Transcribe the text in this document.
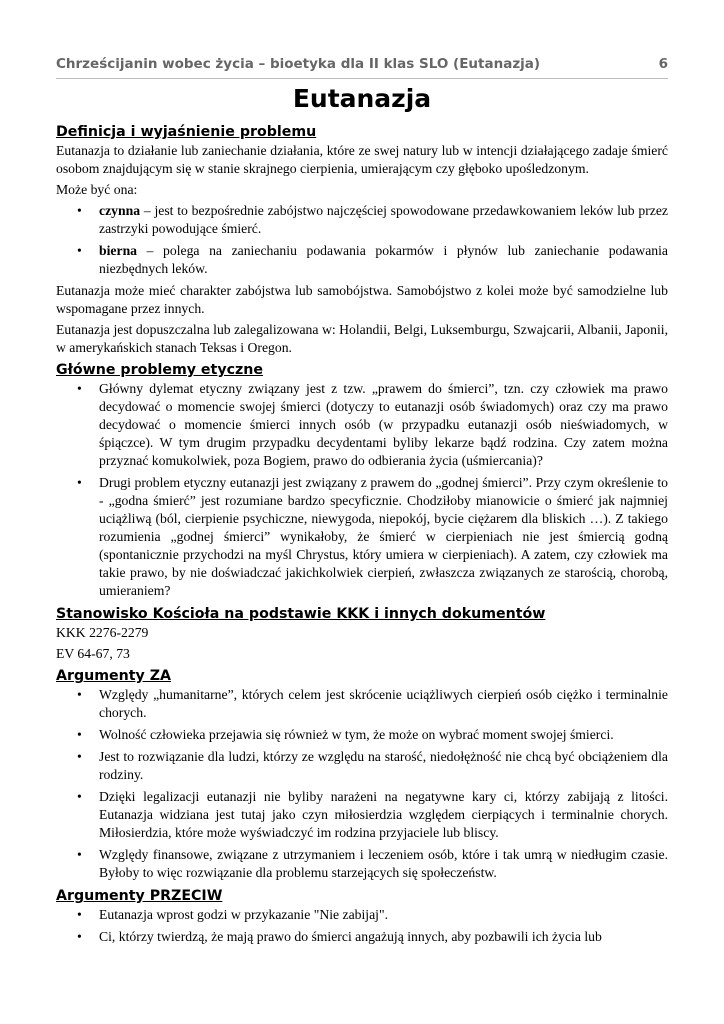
Chrześcijanin wobec życia – bioetyka dla II klas SLO (Eutanazja)	6
Eutanazja
Definicja i wyjaśnienie problemu

Eutanazja to działanie lub zaniechanie działania, które ze swej natury lub w intencji działającego zadaje śmierć osobom znajdującym się w stanie skrajnego cierpienia, umierającym czy głęboko upośledzonym.

Może być ona:

• czynna – jest to bezpośrednie zabójstwo najczęściej spowodowane przedawkowaniem leków lub przez zastrzyki powodujące śmierć.
• bierna – polega na zaniechaniu podawania pokarmów i płynów lub zaniechanie podawania niezbędnych leków.

Eutanazja może mieć charakter zabójstwa lub samobójstwa. Samobójstwo z kolei może być samodzielne lub wspomagane przez innych.

Eutanazja jest dopuszczalna lub zalegalizowana w: Holandii, Belgi, Luksemburgu, Szwajcarii, Albanii, Japonii, w amerykańskich stanach Teksas i Oregon.

Główne problemy etyczne
• Główny dylemat etyczny związany jest z tzw. „prawem do śmierci”, tzn. czy człowiek ma prawo decydować o momencie swojej śmierci (dotyczy to eutanazji osób świadomych) oraz czy ma prawo decydować o momencie śmierci innych osób (w przypadku eutanazji osób nieświadomych, w śpiączce). W tym drugim przypadku decydentami byliby lekarze bądź rodzina. Czy zatem można przyznać komukolwiek, poza Bogiem, prawo do odbierania życia (uśmiercania)?
• Drugi problem etyczny eutanazji jest związany z prawem do „godnej śmierci”. Przy czym określenie to - „godna śmierć” jest rozumiane bardzo specyficznie. Chodziłoby mianowicie o śmierć jak najmniej uciążliwą (ból, cierpienie psychiczne, niewygoda, niepokój, bycie ciężarem dla bliskich …). Z takiego rozumienia „godnej śmierci” wynikałoby, że śmierć w cierpieniach nie jest śmiercią godną (spontanicznie przychodzi na myśl Chrystus, który umiera w cierpieniach). A zatem, czy człowiek ma takie prawo, by nie doświadczać jakichkolwiek cierpień, zwłaszcza związanych ze starością, chorobą, umieraniem?
Stanowisko Kościoła na podstawie KKK i innych dokumentów

KKK 2276-2279

EV 64-67, 73

Argumenty ZA
• Względy „humanitarne”, których celem jest skrócenie uciążliwych cierpień osób ciężko i terminalnie chorych.
• Wolność człowieka przejawia się również w tym, że może on wybrać moment swojej śmierci.
• Jest to rozwiązanie dla ludzi, którzy ze względu na starość, niedołężność nie chcą być obciążeniem dla rodziny.
• Dzięki legalizacji eutanazji nie byliby narażeni na negatywne kary ci, którzy zabijają z litości. Eutanazja widziana jest tutaj jako czyn miłosierdzia względem cierpiących i terminalnie chorych. Miłosierdzia, które może wyświadczyć im rodzina przyjaciele lub bliscy.
• Względy finansowe, związane z utrzymaniem i leczeniem osób, które i tak umrą w niedługim czasie. Byłoby to więc rozwiązanie dla problemu starzejących się społeczeństw.
Argumenty PRZECIW
• Eutanazja wprost godzi w przykazanie "Nie zabijaj".
• Ci, którzy twierdzą, że mają prawo do śmierci angażują innych, aby pozbawili ich życia lub
